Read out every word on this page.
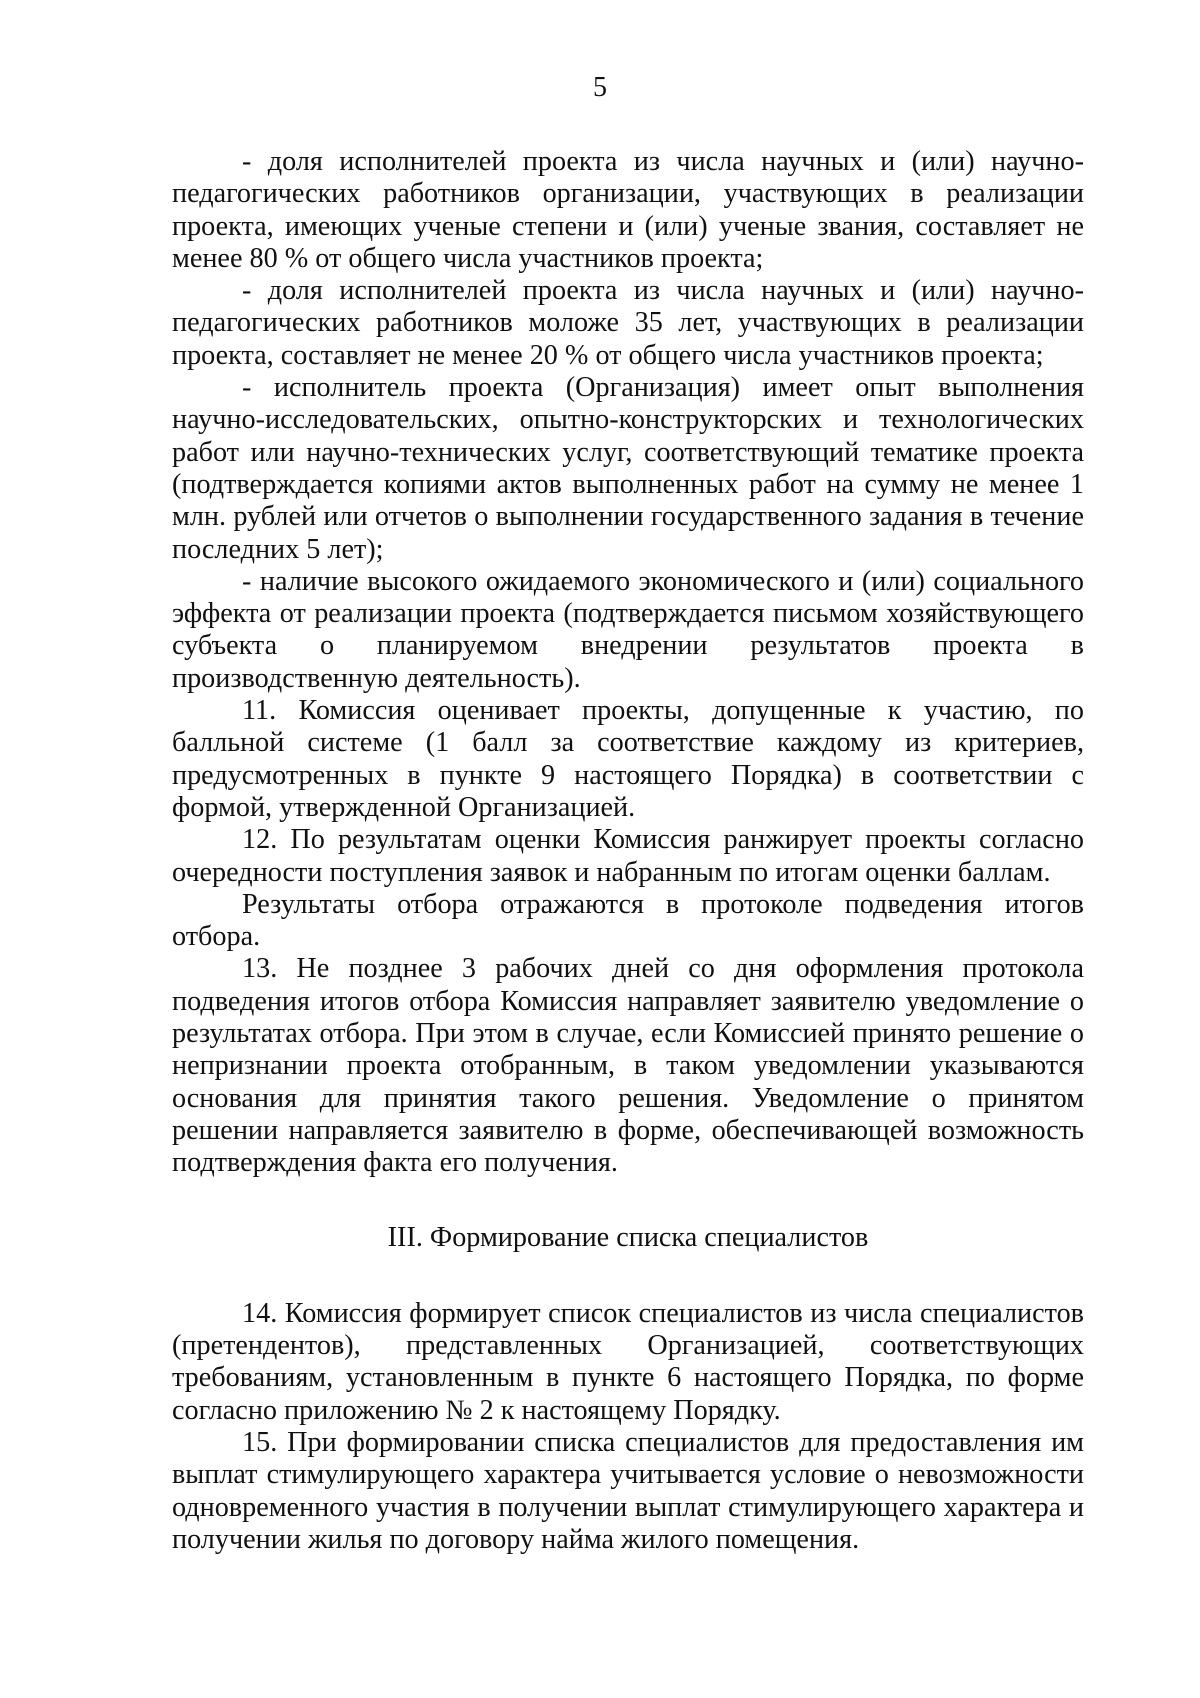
5

- доля исполнителей проекта из числа научных и (или) научно-педагогических работников организации, участвующих в реализации проекта, имеющих ученые степени и (или) ученые звания, составляет не менее 80 % от общего числа участников проекта;

- доля исполнителей проекта из числа научных и (или) научно-педагогических работников моложе 35 лет, участвующих в реализации проекта, составляет не менее 20 % от общего числа участников проекта;

- исполнитель проекта (Организация) имеет опыт выполнения научно-исследовательских, опытно-конструкторских и технологических работ или научно-технических услуг, соответствующий тематике проекта (подтверждается копиями актов выполненных работ на сумму не менее 1 млн. рублей или отчетов о выполнении государственного задания в течение последних 5 лет);

- наличие высокого ожидаемого экономического и (или) социального эффекта от реализации проекта (подтверждается письмом хозяйствующего субъекта о планируемом внедрении результатов проекта в производственную деятельность).

11. Комиссия оценивает проекты, допущенные к участию, по балльной системе (1 балл за соответствие каждому из критериев, предусмотренных в пункте 9 настоящего Порядка) в соответствии с формой, утвержденной Организацией.

12. По результатам оценки Комиссия ранжирует проекты согласно очередности поступления заявок и набранным по итогам оценки баллам.

Результаты отбора отражаются в протоколе подведения итогов отбора.

13. Не позднее 3 рабочих дней со дня оформления протокола подведения итогов отбора Комиссия направляет заявителю уведомление о результатах отбора. При этом в случае, если Комиссией принято решение о непризнании проекта отобранным, в таком уведомлении указываются основания для принятия такого решения. Уведомление о принятом решении направляется заявителю в форме, обеспечивающей возможность подтверждения факта его получения.

III. Формирование списка специалистов

14. Комиссия формирует список специалистов из числа специалистов (претендентов), представленных Организацией, соответствующих требованиям, установленным в пункте 6 настоящего Порядка, по форме согласно приложению № 2 к настоящему Порядку.

15. При формировании списка специалистов для предоставления им выплат стимулирующего характера учитывается условие о невозможности одновременного участия в получении выплат стимулирующего характера и получении жилья по договору найма жилого помещения.
